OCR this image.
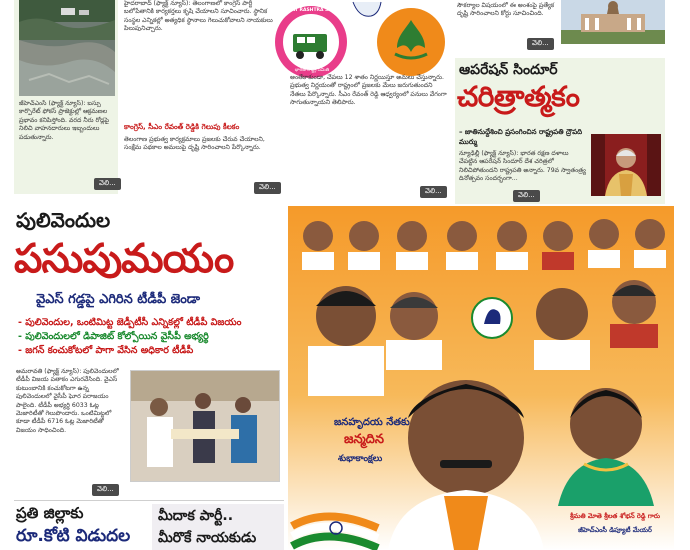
జీహెచ్ఎంసీ (ఫ్యాక్ట్ న్యూస్): బస్సు కార్పొరేట్ ఫోకస్ ప్రాజెక్టుల్లో ఆక్రమణల ప్రభావం కనిపిస్తోంది. వరద నీరు రోడ్లపై నిలిచి వాహనదారులు ఇబ్బందులు పడుతున్నారు.
వెలి...
హైదరాబాద్ (ఫ్యాక్ట్ న్యూస్): తెలంగాణలో కాంగ్రెస్ పార్టీ బలోపేతానికి కార్యకర్తలు కృషి చేయాలని సూచించారు. స్థానిక సంస్థల ఎన్నికల్లో అత్యధిక స్థానాలు గెలుచుకోవాలని నాయకులు పిలుపునిచ్చారు.
కాంగ్రెస్, సీఎం రేవంత్ రెడ్డికి గెలుపు కీలకం
తెలంగాణ ప్రభుత్వ కార్యక్రమాలు ప్రజలకు చేరువ చేయాలని, సంక్షేమ పథకాల అమలుపై దృష్టి సారించాలని పేర్కొన్నారు.
వెలి...
BHARAT RASHTRA SAMITHI
భారత రాష్ట్ర సమితి
అంతేకాకుండా, చేపలు 12 శాతం నిర్ణయిస్తూ అమలు చేస్తున్నారు. ప్రభుత్వ నిర్ణయంతో రాష్ట్రంలో ప్రజలకు మేలు జరుగుతుందని నేతలు పేర్కొన్నారు. సీఎం రేవంత్ రెడ్డి ఆధ్వర్యంలో పనులు వేగంగా సాగుతున్నాయని తెలిపారు.
వెలి...
సౌకర్యాల విషయంలో ఈ అంశంపై ప్రత్యేక దృష్టి సారించాలని కోర్టు సూచించింది.
వెలి...
ఆపరేషన్ సిందూర్
చరిత్రాత్మకం
– జాతినుద్దేశించి ప్రసంగించిన రాష్ట్రపతి ద్రౌపది ముర్ము
న్యూఢిల్లీ (ఫ్యాక్ట్ న్యూస్): భారత రక్షణ దళాలు చేపట్టిన ఆపరేషన్ సిందూర్ దేశ చరిత్రలో నిలిచిపోతుందని రాష్ట్రపతి అన్నారు. 79వ స్వాతంత్ర్య దినోత్సవం సందర్భంగా...
వెలి...
పులివెందుల
పసుపుమయం
వైఎస్ గడ్డపై ఎగిరిన టీడీపీ జెండా
- పులివెందుల, ఒంటిమిట్ట జెడ్పీటీసీ ఎన్నికల్లో టీడీపీ విజయం
- పులివెందులలో డిపాజిట్ కోల్పోయిన వైసీపీ అభ్యర్థి
- జగన్ కంచుకోటలో పాగా వేసిన అధికార టీడీపీ
అమరావతి (ఫ్యాక్ట్ న్యూస్): పులివెందులలో టీడీపీ విజయ పతాకం ఎగురవేసింది. వైఎస్ కుటుంబానికి కంచుకోటగా ఉన్న పులివెందులలో వైసీపీ ఘోర పరాజయం పాలైంది. టీడీపీ అభ్యర్థి 6033 ఓట్ల మెజారిటీతో గెలుపొందారు. ఒంటిమిట్టలో కూడా టీడీపీ 6716 ఓట్ల మెజారిటీతో విజయం సాధించింది.
వెలి...
ప్రతి జిల్లాకు
రూ.కోటి విడుదల
మీదాక పార్టీ..
మీరొకే నాయకుడు
జనహృదయ నేతకు
జన్మదిన
శుభాకాంక్షలు
శ్రీమతి మోతె శ్రీలత శోభన్ రెడ్డి గారు
జీహెచ్ఎంసీ డిప్యూటీ మేయర్
